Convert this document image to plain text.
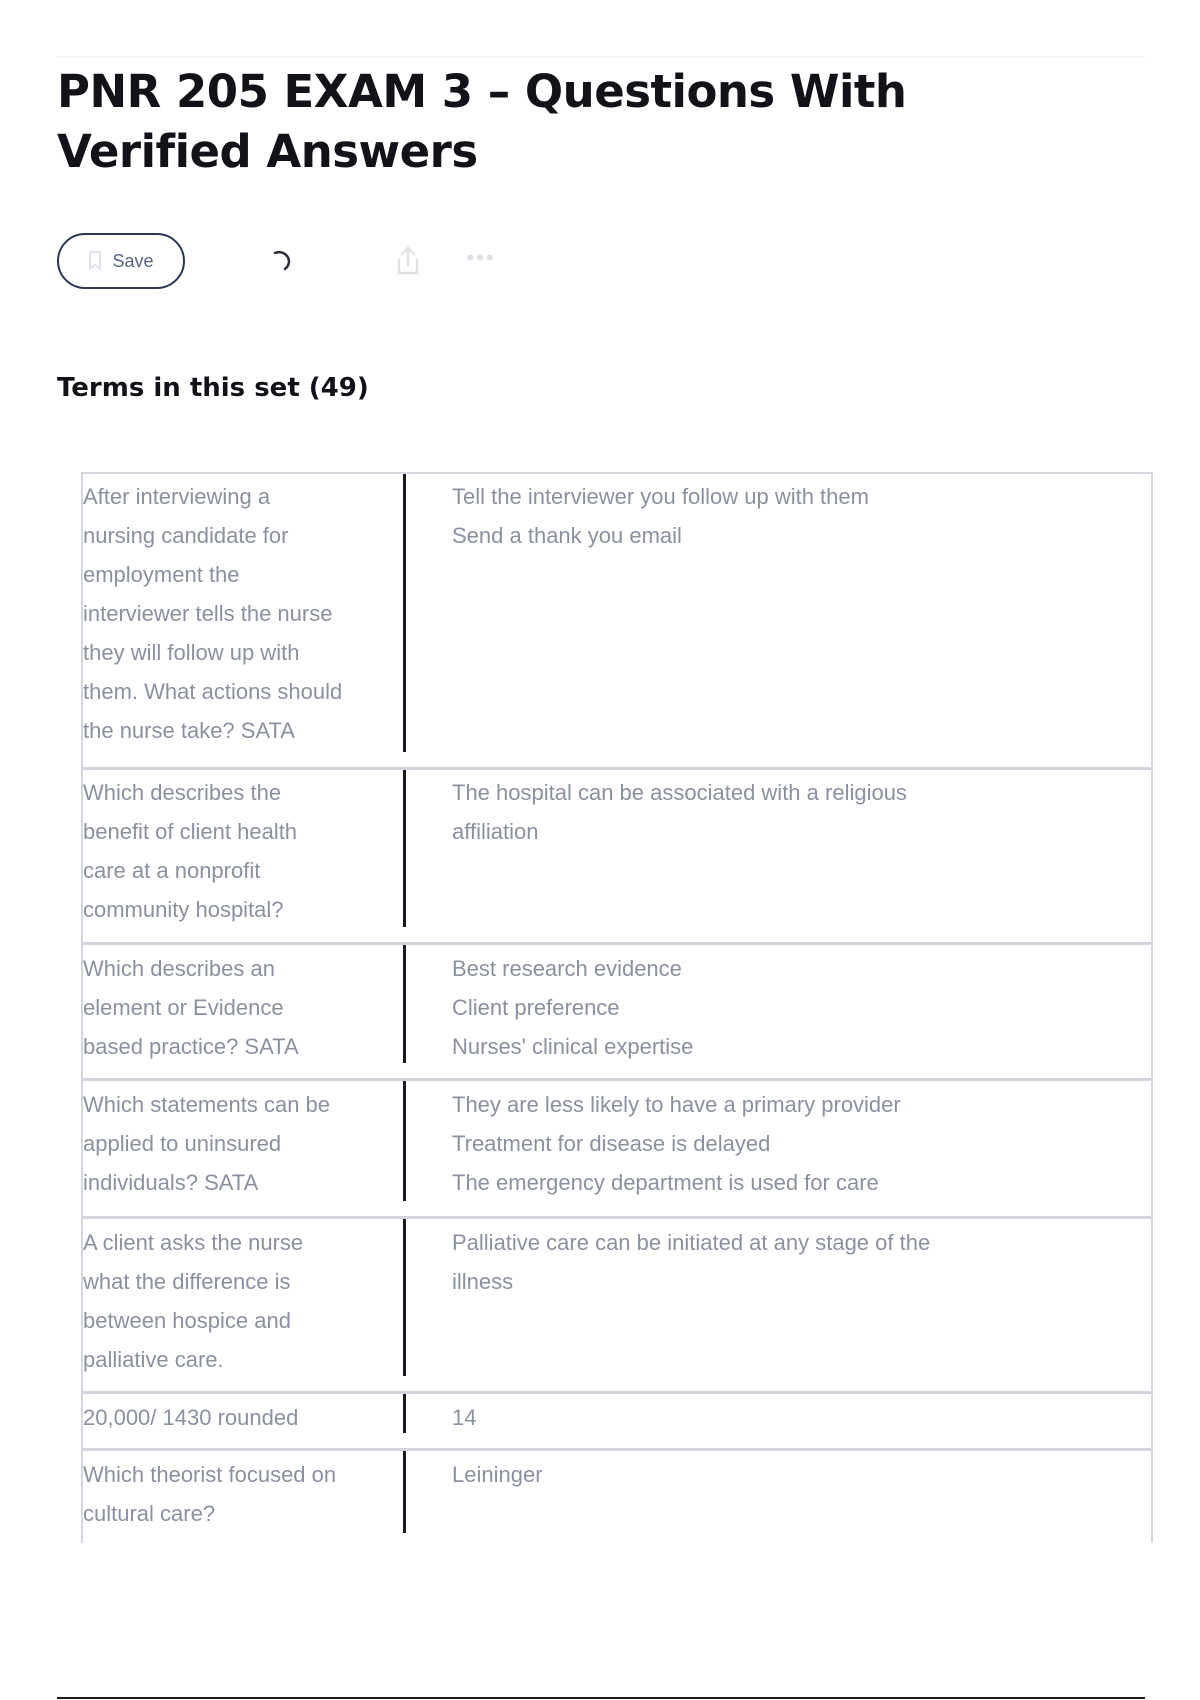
PNR 205 EXAM 3 – Questions With Verified Answers
Save	•••
Terms in this set (49)
After interviewing a
nursing candidate for
employment the
interviewer tells the nurse
they will follow up with
them. What actions should
the nurse take? SATA
Tell the interviewer you follow up with them
Send a thank you email
Which describes the
benefit of client health
care at a nonprofit
community hospital?
The hospital can be associated with a religious
affiliation
Which describes an
element or Evidence
based practice? SATA
Best research evidence
Client preference
Nurses' clinical expertise
Which statements can be
applied to uninsured
individuals? SATA
They are less likely to have a primary provider
Treatment for disease is delayed
The emergency department is used for care
A client asks the nurse
what the difference is
between hospice and
palliative care.
Palliative care can be initiated at any stage of the
illness
20,000/ 1430 rounded	14
Which theorist focused on
cultural care?
Leininger
